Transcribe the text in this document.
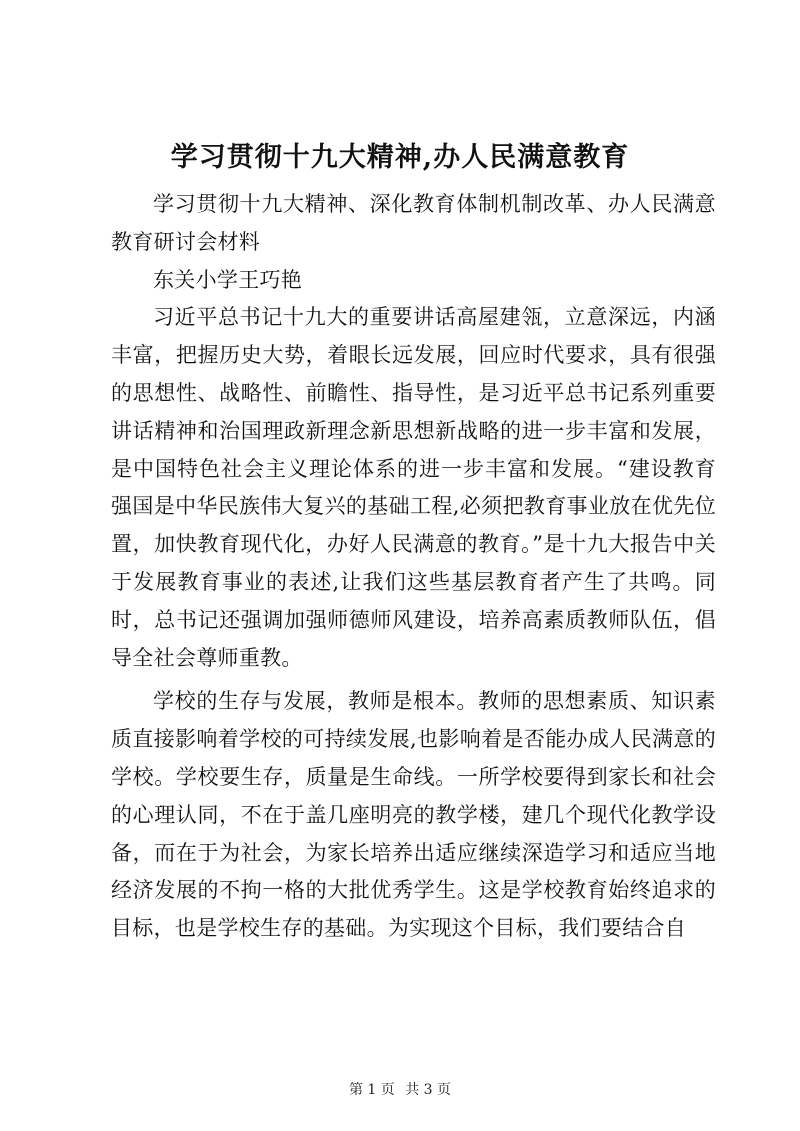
学习贯彻十九大精神,办人民满意教育

学习贯彻十九大精神、深化教育体制机制改革、办人民满意教育研讨会材料

东关小学王巧艳

习近平总书记十九大的重要讲话高屋建瓴，立意深远，内涵丰富，把握历史大势，着眼长远发展，回应时代要求，具有很强的思想性、战略性、前瞻性、指导性，是习近平总书记系列重要讲话精神和治国理政新理念新思想新战略的进一步丰富和发展，是中国特色社会主义理论体系的进一步丰富和发展。“建设教育强国是中华民族伟大复兴的基础工程,必须把教育事业放在优先位置，加快教育现代化，办好人民满意的教育。”是十九大报告中关于发展教育事业的表述,让我们这些基层教育者产生了共鸣。同时，总书记还强调加强师德师风建设，培养高素质教师队伍，倡导全社会尊师重教。

学校的生存与发展，教师是根本。教师的思想素质、知识素质直接影响着学校的可持续发展,也影响着是否能办成人民满意的学校。学校要生存，质量是生命线。一所学校要得到家长和社会的心理认同，不在于盖几座明亮的教学楼，建几个现代化教学设备，而在于为社会，为家长培养出适应继续深造学习和适应当地经济发展的不拘一格的大批优秀学生。这是学校教育始终追求的目标，也是学校生存的基础。为实现这个目标，我们要结合自

第 1 页 共 3 页
